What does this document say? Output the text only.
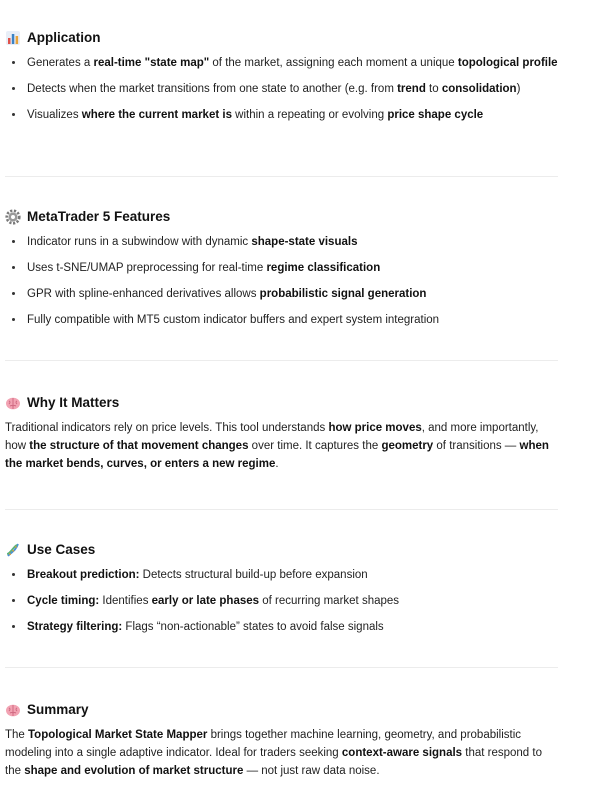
Application
Generates a real-time "state map" of the market, assigning each moment a unique topological profile
Detects when the market transitions from one state to another (e.g. from trend to consolidation)
Visualizes where the current market is within a repeating or evolving price shape cycle
MetaTrader 5 Features
Indicator runs in a subwindow with dynamic shape-state visuals
Uses t-SNE/UMAP preprocessing for real-time regime classification
GPR with spline-enhanced derivatives allows probabilistic signal generation
Fully compatible with MT5 custom indicator buffers and expert system integration
Why It Matters

Traditional indicators rely on price levels. This tool understands how price moves, and more importantly, how the structure of that movement changes over time. It captures the geometry of transitions — when the market bends, curves, or enters a new regime.

Use Cases
Breakout prediction: Detects structural build-up before expansion
Cycle timing: Identifies early or late phases of recurring market shapes
Strategy filtering: Flags “non-actionable” states to avoid false signals
Summary

The Topological Market State Mapper brings together machine learning, geometry, and probabilistic modeling into a single adaptive indicator. Ideal for traders seeking context-aware signals that respond to the shape and evolution of market structure — not just raw data noise.
